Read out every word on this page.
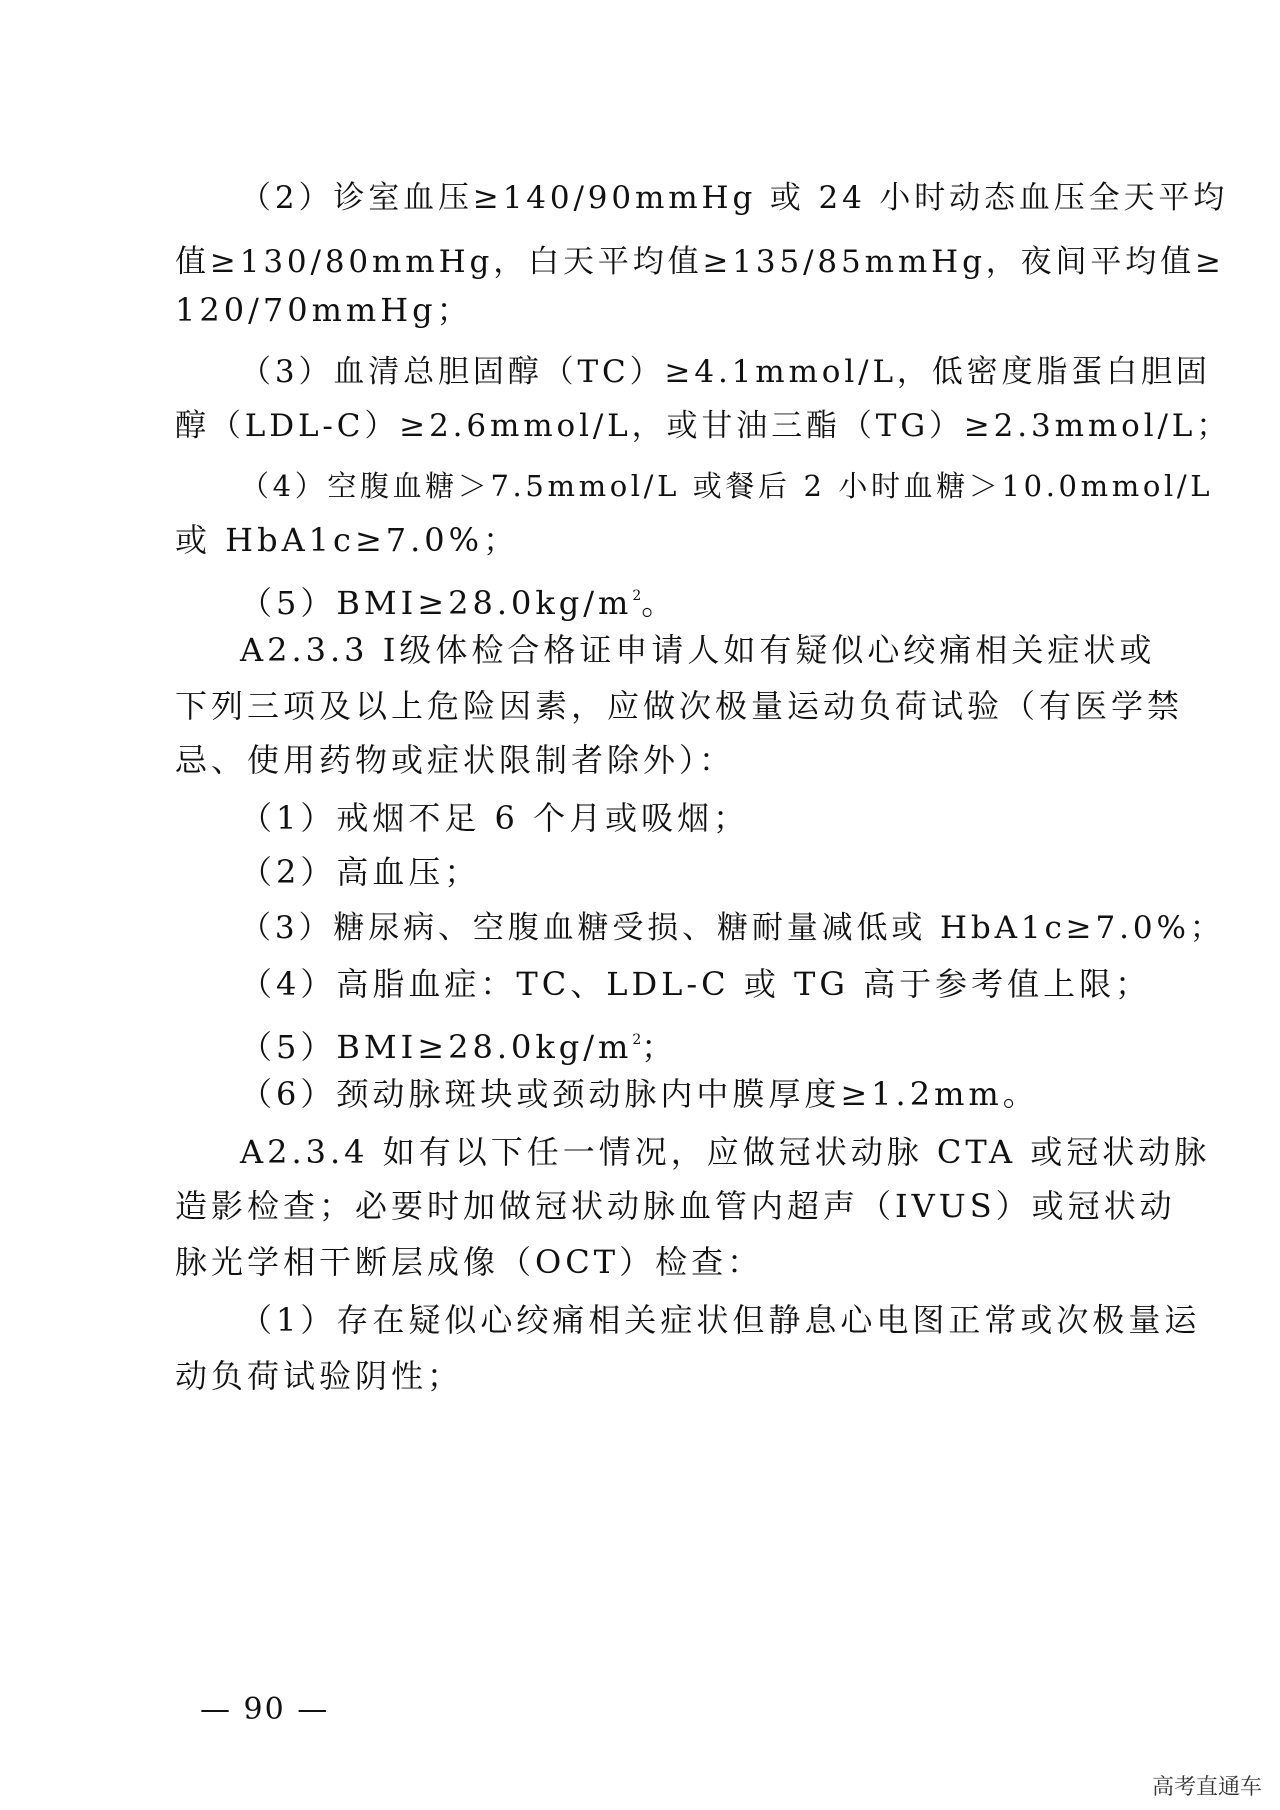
（2）诊室血压≥140/90mmHg 或 24 小时动态血压全天平均
值≥130/80mmHg，白天平均值≥135/85mmHg，夜间平均值≥
120/70mmHg；
（3）血清总胆固醇（TC）≥4.1mmol/L，低密度脂蛋白胆固
醇（LDL-C）≥2.6mmol/L，或甘油三酯（TG）≥2.3mmol/L；
（4）空腹血糖＞7.5mmol/L 或餐后 2 小时血糖＞10.0mmol/L
或 HbA1c≥7.0%；
$(5)BMI\ge 28.0kg/m^2$。
A2.3.3 Ⅰ级体检合格证申请人如有疑似心绞痛相关症状或
下列三项及以上危险因素，应做次极量运动负荷试验（有医学禁
忌、使用药物或症状限制者除外）：
（1）戒烟不足 6 个月或吸烟；
（2）高血压；
（3）糖尿病、空腹血糖受损、糖耐量减低或 HbA1c≥7.0%；
（4）高脂血症：TC、LDL-C 或 TG 高于参考值上限；
$(5)BMI\ge 28.0kg/m^2$；
（6）颈动脉斑块或颈动脉内中膜厚度≥1.2mm。
A2.3.4 如有以下任一情况，应做冠状动脉 CTA 或冠状动脉
造影检查；必要时加做冠状动脉血管内超声（IVUS）或冠状动
脉光学相干断层成像（OCT）检查：
（1）存在疑似心绞痛相关症状但静息心电图正常或次极量运
动负荷试验阴性；
— 90 —
高考直通车
